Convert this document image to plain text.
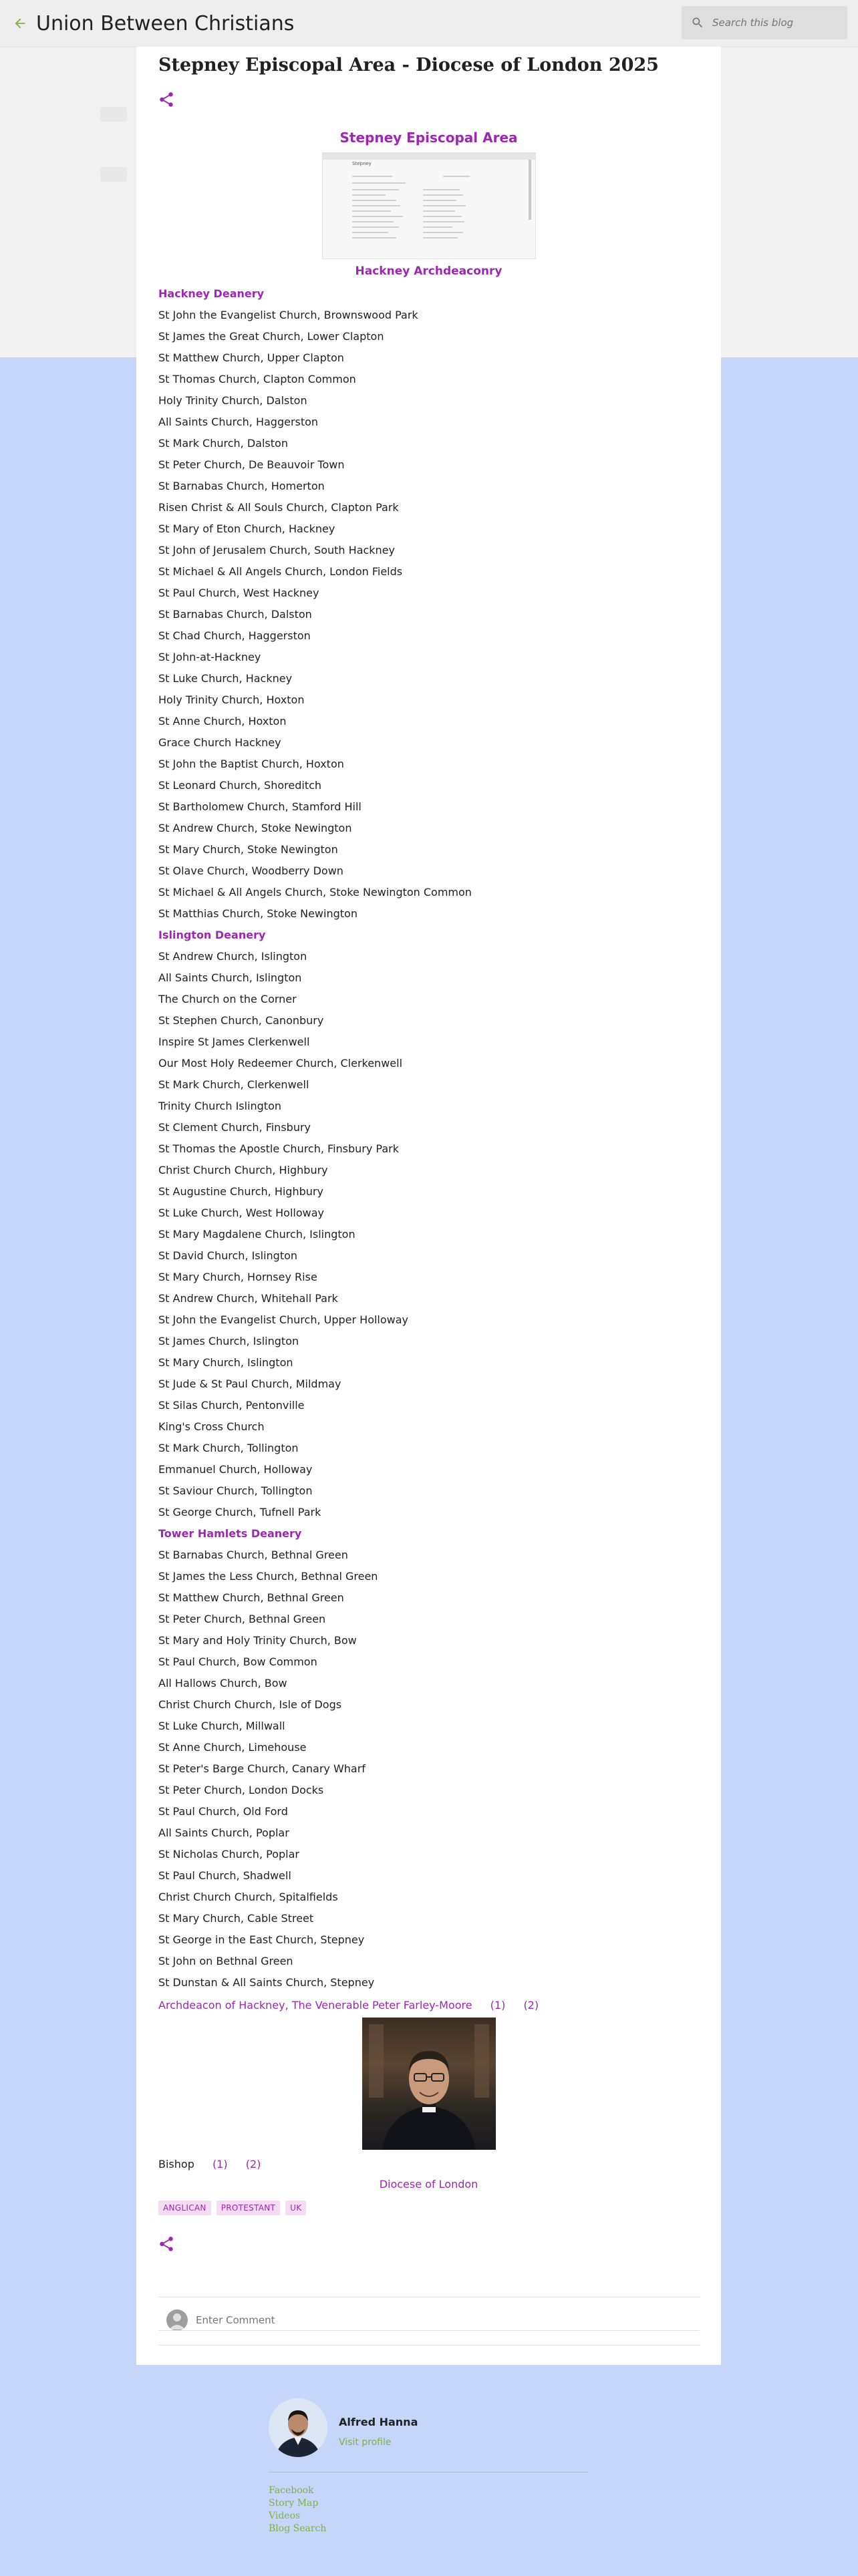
Union Between Christians
Search this blog
Stepney Episcopal Area - Diocese of London 2025
Stepney Episcopal Area
Stepney
Hackney Archdeaconry
Hackney Deanery
St John the Evangelist Church, Brownswood Park
St James the Great Church, Lower Clapton
St Matthew Church, Upper Clapton
St Thomas Church, Clapton Common
Holy Trinity Church, Dalston
All Saints Church, Haggerston
St Mark Church, Dalston
St Peter Church, De Beauvoir Town
St Barnabas Church, Homerton
Risen Christ & All Souls Church, Clapton Park
St Mary of Eton Church, Hackney
St John of Jerusalem Church, South Hackney
St Michael & All Angels Church, London Fields
St Paul Church, West Hackney
St Barnabas Church, Dalston
St Chad Church, Haggerston
St John-at-Hackney
St Luke Church, Hackney
Holy Trinity Church, Hoxton
St Anne Church, Hoxton
Grace Church Hackney
St John the Baptist Church, Hoxton
St Leonard Church, Shoreditch
St Bartholomew Church, Stamford Hill
St Andrew Church, Stoke Newington
St Mary Church, Stoke Newington
St Olave Church, Woodberry Down
St Michael & All Angels Church, Stoke Newington Common
St Matthias Church, Stoke Newington
Islington Deanery
St Andrew Church, Islington
All Saints Church, Islington
The Church on the Corner
St Stephen Church, Canonbury
Inspire St James Clerkenwell
Our Most Holy Redeemer Church, Clerkenwell
St Mark Church, Clerkenwell
Trinity Church Islington
St Clement Church, Finsbury
St Thomas the Apostle Church, Finsbury Park
Christ Church Church, Highbury
St Augustine Church, Highbury
St Luke Church, West Holloway
St Mary Magdalene Church, Islington
St David Church, Islington
St Mary Church, Hornsey Rise
St Andrew Church, Whitehall Park
St John the Evangelist Church, Upper Holloway
St James Church, Islington
St Mary Church, Islington
St Jude & St Paul Church, Mildmay
St Silas Church, Pentonville
King's Cross Church
St Mark Church, Tollington
Emmanuel Church, Holloway
St Saviour Church, Tollington
St George Church, Tufnell Park
Tower Hamlets Deanery
St Barnabas Church, Bethnal Green
St James the Less Church, Bethnal Green
St Matthew Church, Bethnal Green
St Peter Church, Bethnal Green
St Mary and Holy Trinity Church, Bow
St Paul Church, Bow Common
All Hallows Church, Bow
Christ Church Church, Isle of Dogs
St Luke Church, Millwall
St Anne Church, Limehouse
St Peter's Barge Church, Canary Wharf
St Peter Church, London Docks
St Paul Church, Old Ford
All Saints Church, Poplar
St Nicholas Church, Poplar
St Paul Church, Shadwell
Christ Church Church, Spitalfields
St Mary Church, Cable Street
St George in the East Church, Stepney
St John on Bethnal Green
St Dunstan & All Saints Church, Stepney
Archdeacon of Hackney, The Venerable Peter Farley-Moore (1) (2)
Bishop (1) (2)
Diocese of London
ANGLICAN	PROTESTANT	UK
Enter Comment
Alfred Hanna
Visit profile
Facebook
Story Map
Videos
Blog Search
